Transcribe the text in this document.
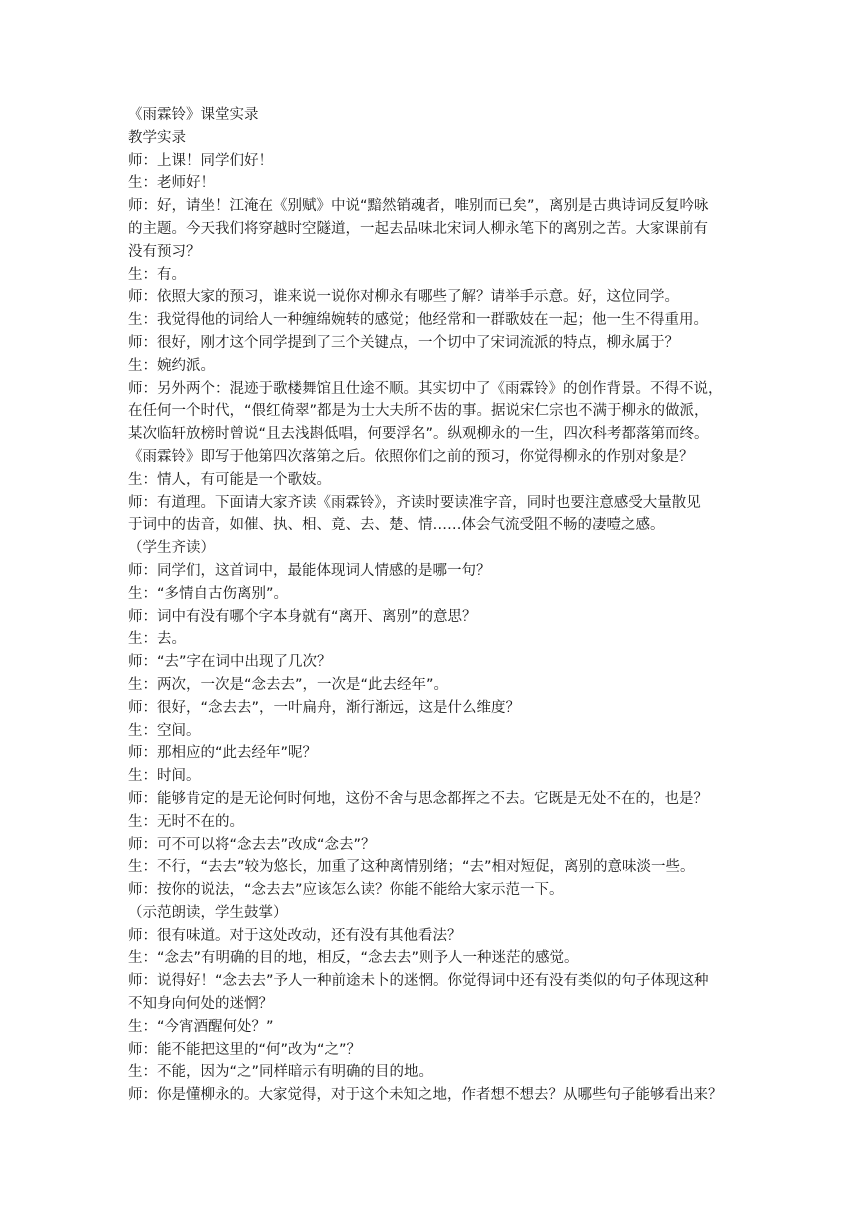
《雨霖铃》课堂实录
教学实录
师：上课！同学们好！
生：老师好！
师：好，请坐！江淹在《别赋》中说“黯然销魂者，唯别而已矣”，离别是古典诗词反复吟咏
的主题。今天我们将穿越时空隧道，一起去品味北宋词人柳永笔下的离别之苦。大家课前有
没有预习？
生：有。
师：依照大家的预习，谁来说一说你对柳永有哪些了解？请举手示意。好，这位同学。
生：我觉得他的词给人一种缠绵婉转的感觉；他经常和一群歌妓在一起；他一生不得重用。
师：很好，刚才这个同学提到了三个关键点，一个切中了宋词流派的特点，柳永属于？
生：婉约派。
师：另外两个：混迹于歌楼舞馆且仕途不顺。其实切中了《雨霖铃》的创作背景。不得不说，
在任何一个时代，“偎红倚翠”都是为士大夫所不齿的事。据说宋仁宗也不满于柳永的做派，
某次临轩放榜时曾说“且去浅斟低唱，何要浮名”。纵观柳永的一生，四次科考都落第而终。
《雨霖铃》即写于他第四次落第之后。依照你们之前的预习，你觉得柳永的作别对象是？
生：情人，有可能是一个歌妓。
师：有道理。下面请大家齐读《雨霖铃》，齐读时要读准字音，同时也要注意感受大量散见
于词中的齿音，如催、执、相、竟、去、楚、情……体会气流受阻不畅的凄噎之感。
（学生齐读）
师：同学们，这首词中，最能体现词人情感的是哪一句？
生：“多情自古伤离别”。
师：词中有没有哪个字本身就有“离开、离别”的意思？
生：去。
师：“去”字在词中出现了几次？
生：两次，一次是“念去去”，一次是“此去经年”。
师：很好，“念去去”，一叶扁舟，渐行渐远，这是什么维度？
生：空间。
师：那相应的“此去经年”呢？
生：时间。
师：能够肯定的是无论何时何地，这份不舍与思念都挥之不去。它既是无处不在的，也是？
生：无时不在的。
师：可不可以将“念去去”改成“念去”？
生：不行，“去去”较为悠长，加重了这种离情别绪；“去”相对短促，离别的意味淡一些。
师：按你的说法，“念去去”应该怎么读？你能不能给大家示范一下。
（示范朗读，学生鼓掌）
师：很有味道。对于这处改动，还有没有其他看法？
生：“念去”有明确的目的地，相反，“念去去”则予人一种迷茫的感觉。
师：说得好！“念去去”予人一种前途未卜的迷惘。你觉得词中还有没有类似的句子体现这种
不知身向何处的迷惘？
生：“今宵酒醒何处？”
师：能不能把这里的“何”改为“之”？
生：不能，因为“之”同样暗示有明确的目的地。
师：你是懂柳永的。大家觉得，对于这个未知之地，作者想不想去？从哪些句子能够看出来？
